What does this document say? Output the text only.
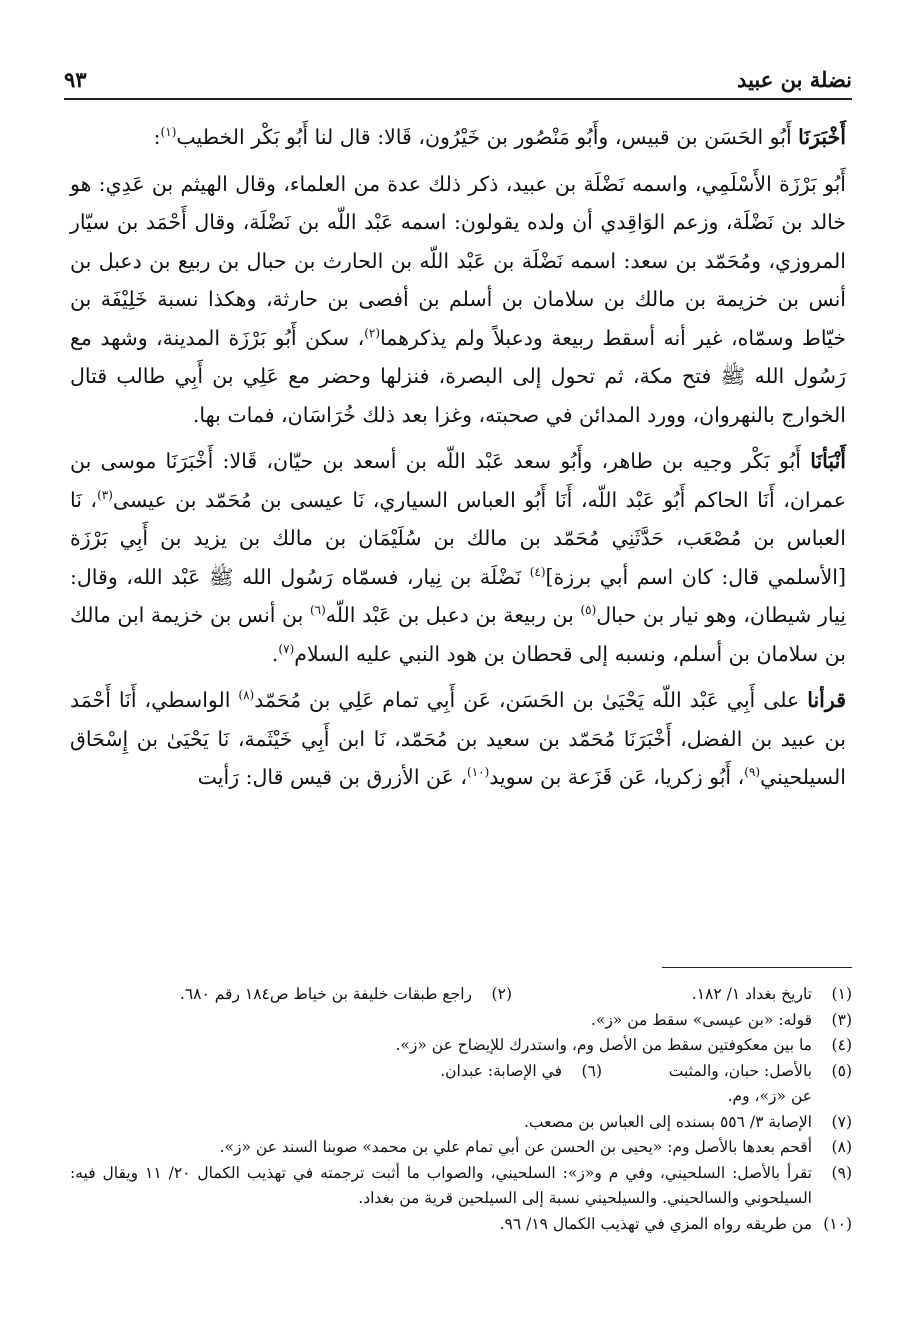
نضلة بن عبيد
٩٣

أَخْبَرَنَا أَبُو الحَسَن بن قبيس، وأَبُو مَنْصُور بن خَيْرُون، قَالا: قال لنا أَبُو بَكْر الخطيب$^{(١)}$:

أَبُو بَرْزَة الأَسْلَمِي، واسمه نَضْلَة بن عبيد، ذكر ذلك عدة من العلماء، وقال الهيثم بن عَدِي: هو خالد بن نَضْلَة، وزعم الوَاقِدي أن ولده يقولون: اسمه عَبْد اللّه بن نَضْلَة، وقال أَحْمَد بن سيّار المروزي، ومُحَمّد بن سعد: اسمه نَضْلَة بن عَبْد اللّه بن الحارث بن حبال بن ربيع بن دعبل بن أنس بن خزيمة بن مالك بن سلامان بن أسلم بن أفصى بن حارثة، وهكذا نسبة خَلِيْفَة بن خيّاط وسمّاه، غير أنه أسقط ربيعة ودعبلاً ولم يذكرهما$^{(٢)}$، سكن أَبُو بَرْزَة المدينة، وشهد مع رَسُول الله ﷺ فتح مكة، ثم تحول إلى البصرة، فنزلها وحضر مع عَلِي بن أَبِي طالب قتال الخوارج بالنهروان، وورد المدائن في صحبته، وغزا بعد ذلك خُرَاسَان، فمات بها.

أَنْبَأنَا أَبُو بَكْر وجيه بن طاهر، وأَبُو سعد عَبْد اللّه بن أسعد بن حيّان، قَالا: أَخْبَرَنَا موسى بن عمران، أَنَا الحاكم أَبُو عَبْد اللّه، أَنَا أَبُو العباس السياري، نَا عيسى بن مُحَمّد بن عيسى$^{(٣)}$، نَا العباس بن مُصْعَب، حَدَّثَنِي مُحَمّد بن مالك بن سُلَيْمَان بن مالك بن يزيد بن أَبِي بَرْزَة [الأسلمي قال: كان اسم أبي برزة]$^{(٤)}$ نَضْلَة بن نِيار، فسمّاه رَسُول الله ﷺ عَبْد الله، وقال: نِيار شيطان، وهو نيار بن حبال$^{(٥)}$ بن ربيعة بن دعبل بن عَبْد اللّه$^{(٦)}$ بن أنس بن خزيمة ابن مالك بن سلامان بن أسلم، ونسبه إلى قحطان بن هود النبي عليه السلام$^{(٧)}$.

قرأنا على أَبِي عَبْد اللّه يَحْيَىٰ بن الحَسَن، عَن أَبِي تمام عَلِي بن مُحَمّد$^{(٨)}$ الواسطي، أَنَا أَحْمَد بن عبيد بن الفضل، أَخْبَرَنَا مُحَمّد بن سعيد بن مُحَمّد، نَا ابن أَبِي خَيْثَمة، نَا يَحْيَىٰ بن إِسْحَاق السيلحيني$^{(٩)}$، أَبُو زكريا، عَن قَزَعة بن سويد$^{(١٠)}$، عَن الأزرق بن قيس قال: رَأيت

(١)
تاريخ بغداد ١/ ١٨٢.
(٢)
راجع طبقات خليفة بن خياط ص١٨٤ رقم ٦٨٠.
(٣)
قوله: «بن عيسى» سقط من «ز».
(٤)
ما بين معكوفتين سقط من الأصل وم، واستدرك للإيضاح عن «ز».
(٥)
بالأصل: حبان، والمثبت عن «ز»، وم.
(٦)
في الإصابة: عبدان.
(٧)
الإصابة ٣/ ٥٥٦ بسنده إلى العباس بن مصعب.
(٨)
أقحم بعدها بالأصل وم: «يحيى بن الحسن عن أبي تمام علي بن محمد» صوبنا السند عن «ز».
(٩)
تقرأ بالأصل: السلحيني، وفي م و«ز»: السلحيني، والصواب ما أثبت ترجمته في تهذيب الكمال ٢٠/ ١١ ويقال فيه: السيلحوني والسالحيني. والسيلحيني نسبة إلى السيلحين قرية من بغداد.
(١٠)
من طريقه رواه المزي في تهذيب الكمال ١٩/ ٩٦.
